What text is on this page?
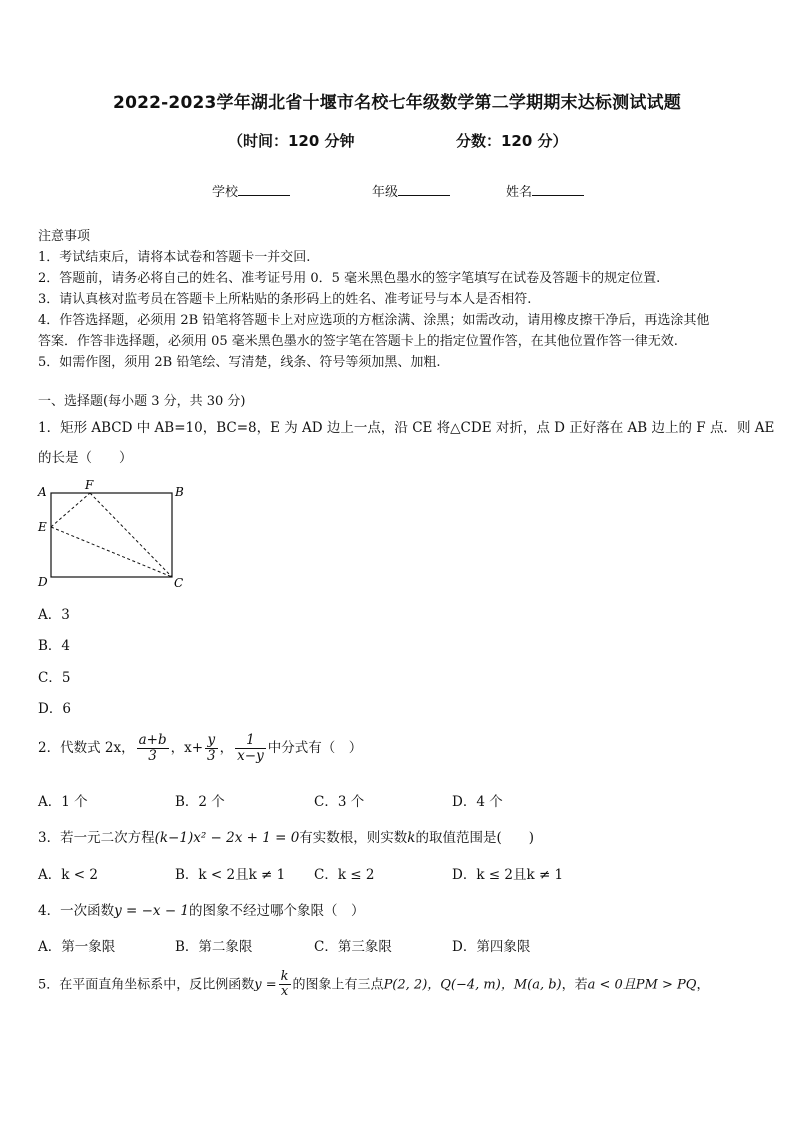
2022-2023学年湖北省十堰市名校七年级数学第二学期期末达标测试试题
（时间：120 分钟	分数：120 分）
学校	年级	姓名
注意事项
1．考试结束后，请将本试卷和答题卡一并交回.
2．答题前，请务必将自己的姓名、准考证号用 0．5 毫米黑色墨水的签字笔填写在试卷及答题卡的规定位置.
3．请认真核对监考员在答题卡上所粘贴的条形码上的姓名、准考证号与本人是否相符.
4．作答选择题，必须用 2B 铅笔将答题卡上对应选项的方框涂满、涂黑；如需改动，请用橡皮擦干净后，再选涂其他
答案．作答非选择题，必须用 05 毫米黑色墨水的签字笔在答题卡上的指定位置作答，在其他位置作答一律无效.
5．如需作图，须用 2B 铅笔绘、写清楚，线条、符号等须加黑、加粗.
一、选择题(每小题 3 分，共 30 分)
1．矩形 ABCD 中 AB=10，BC=8，E 为 AD 边上一点，沿 CE 将△CDE 对折，点 D 正好落在 AB 边上的 F 点．则 AE
的长是（　　）
A	F	B
E
D	C
A．3
B．4
C．5
D．6
2．代数式 2x， $\frac{a+b}{3}$ ，$x+ \frac{y}{3}$ ， $\frac{1}{x-y}$ 中分式有（　）
A．1 个	B．2 个	C．3 个	D．4 个
3．若一元二次方程(k−1)x² − 2x + 1 = 0有实数根，则实数k的取值范围是(　　)
A．k < 2	B．k < 2且k ≠ 1 C．k ≤ 2	D．k ≤ 2且k ≠ 1
4．一次函数y = −x − 1的图象不经过哪个象限（　）
A．第一象限	B．第二象限	C．第三象限	D．第四象限
5．在平面直角坐标系中，反比例函数$y = \frac{k}{x}$ 的图象上有三点P(2, 2)，Q(−4, m)，M(a, b)，若a < 0且PM > PQ，
